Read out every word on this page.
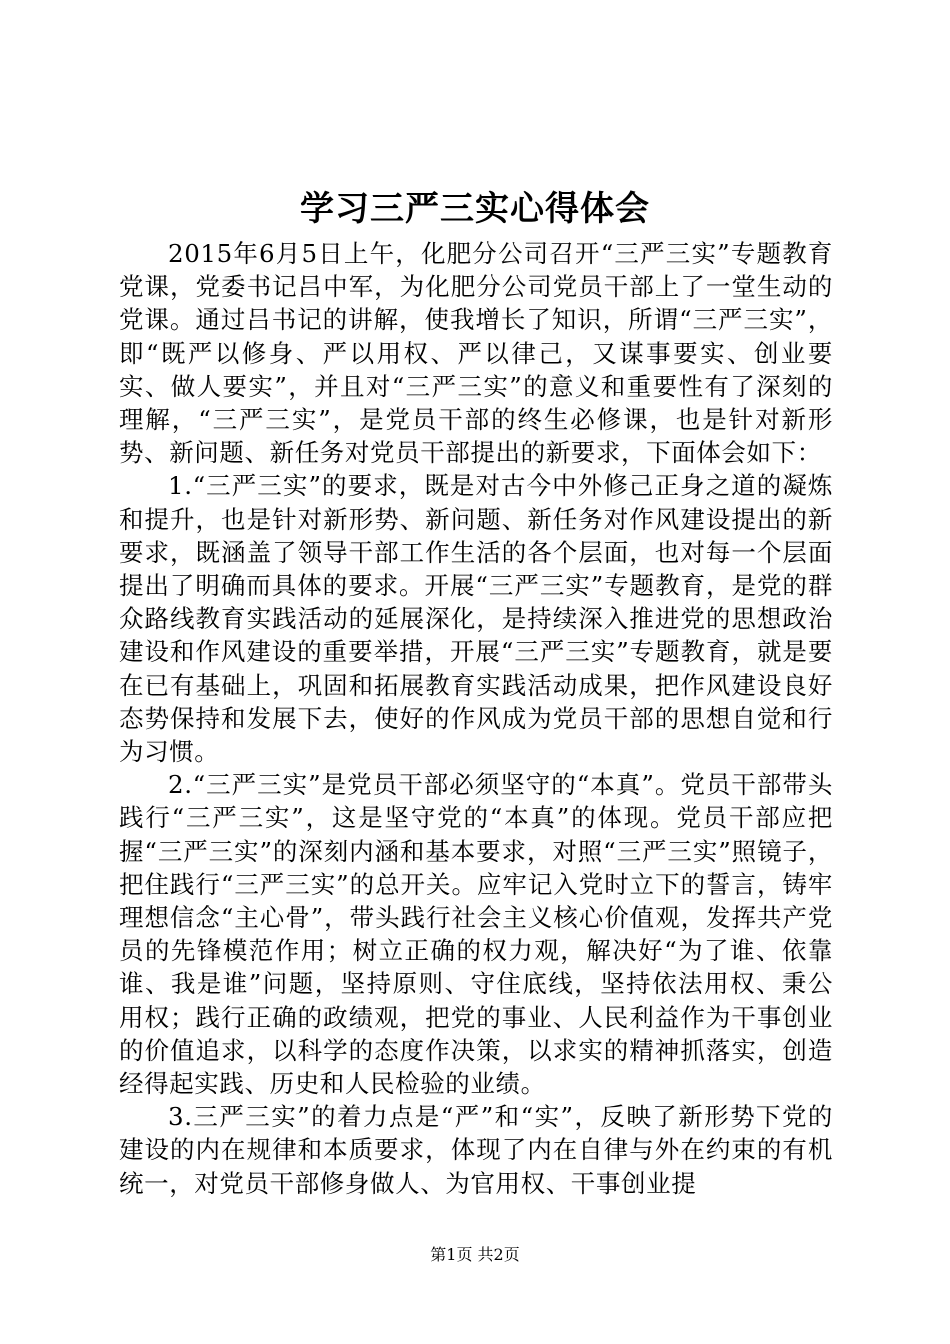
学习三严三实心得体会

2015年6月5日上午，化肥分公司召开“三严三实”专题教育党课，党委书记吕中军，为化肥分公司党员干部上了一堂生动的党课。通过吕书记的讲解，使我增长了知识，所谓“三严三实”，即“既严以修身、严以用权、严以律己，又谋事要实、创业要实、做人要实”，并且对“三严三实”的意义和重要性有了深刻的理解，“三严三实”，是党员干部的终生必修课，也是针对新形势、新问题、新任务对党员干部提出的新要求，下面体会如下：

1.“三严三实”的要求，既是对古今中外修己正身之道的凝炼和提升，也是针对新形势、新问题、新任务对作风建设提出的新要求，既涵盖了领导干部工作生活的各个层面，也对每一个层面提出了明确而具体的要求。开展“三严三实”专题教育，是党的群众路线教育实践活动的延展深化，是持续深入推进党的思想政治建设和作风建设的重要举措，开展“三严三实”专题教育，就是要在已有基础上，巩固和拓展教育实践活动成果，把作风建设良好态势保持和发展下去，使好的作风成为党员干部的思想自觉和行为习惯。

2.“三严三实”是党员干部必须坚守的“本真”。党员干部带头践行“三严三实”，这是坚守党的“本真”的体现。党员干部应把握“三严三实”的深刻内涵和基本要求，对照“三严三实”照镜子，把住践行“三严三实”的总开关。应牢记入党时立下的誓言，铸牢理想信念“主心骨”，带头践行社会主义核心价值观，发挥共产党员的先锋模范作用；树立正确的权力观，解决好“为了谁、依靠谁、我是谁”问题，坚持原则、守住底线，坚持依法用权、秉公用权；践行正确的政绩观，把党的事业、人民利益作为干事创业的价值追求，以科学的态度作决策，以求实的精神抓落实，创造经得起实践、历史和人民检验的业绩。

3.三严三实”的着力点是“严”和“实”，反映了新形势下党的建设的内在规律和本质要求，体现了内在自律与外在约束的有机统一，对党员干部修身做人、为官用权、干事创业提

第1页 共2页
